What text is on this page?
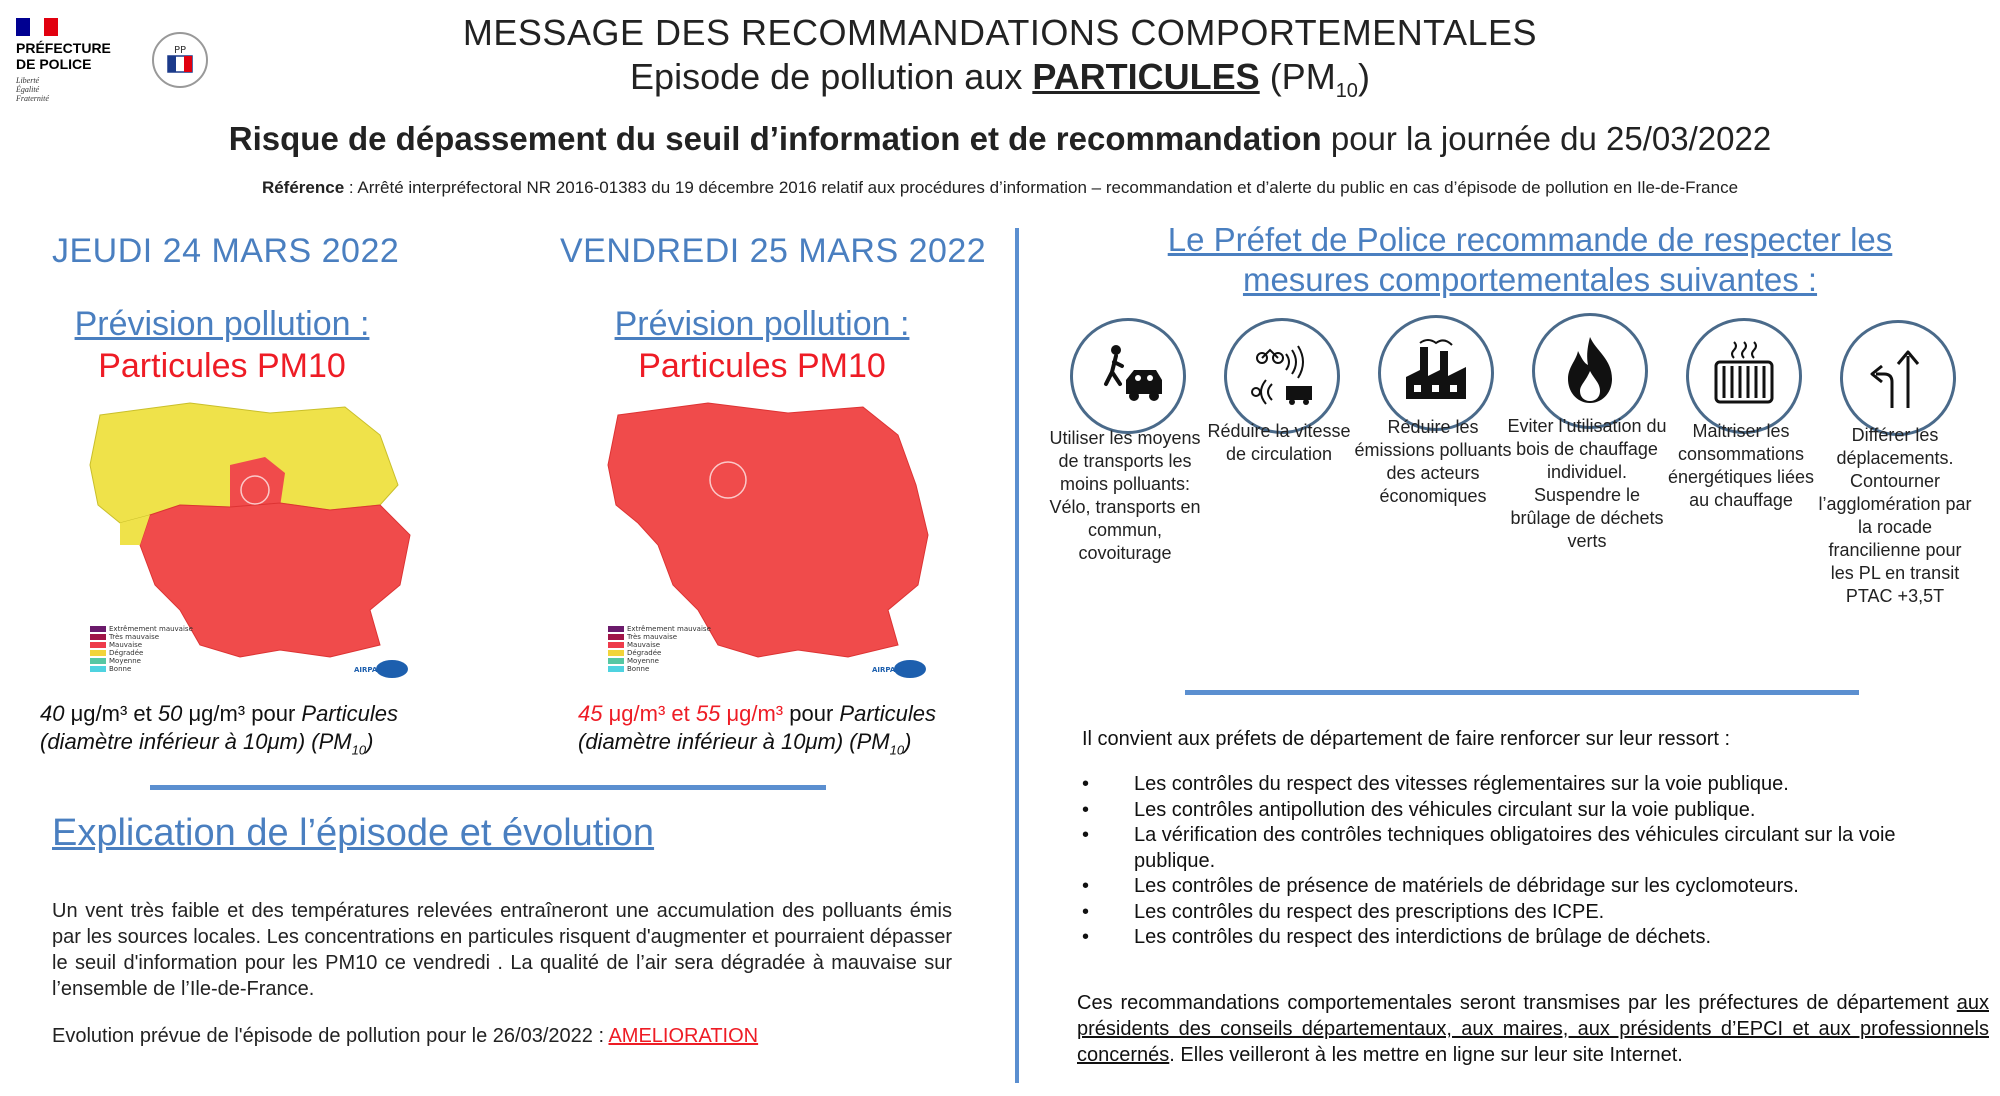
PRÉFECTURE
DE POLICE
Liberté
Égalité
Fraternité
PP	MESSAGE DES RECOMMANDATIONS COMPORTEMENTALES
Episode de pollution aux PARTICULES $(PM_{10})$
Risque de dépassement du seuil d’information et de recommandation pour la journée du 25/03/2022
Référence : Arrêté interpréfectoral NR 2016-01383 du 19 décembre 2016 relatif aux procédures d’information – recommandation et d’alerte du public en cas d’épisode de pollution en Ile-de-France
JEUDI 24 MARS 2022
Prévision pollution :
Particules PM10
Extrêmement mauvaise
Très mauvaise
Mauvaise
Dégradée
Moyenne
Bonne	AIRPARIF
40 μg/m³ et 50 μg/m³ pour Particules
(diamètre inférieur à 10μm) $(PM_{10})$
VENDREDI 25 MARS 2022
Prévision pollution :
Particules PM10
Extrêmement mauvaise
Très mauvaise
Mauvaise
Dégradée
Moyenne
Bonne	AIRPARIF
45 μg/m³ et 55 μg/m³ pour Particules
(diamètre inférieur à 10μm) $(PM_{10})$
Explication de l’épisode et évolution
Un vent très faible et des températures relevées entraîneront une accumulation des polluants émis par les sources locales. Les concentrations en particules risquent d'augmenter et pourraient dépasser le seuil d'information pour les PM10 ce vendredi . La qualité de l’air sera dégradée à mauvaise sur l’ensemble de l’Ile-de-France.
Evolution prévue de l'épisode de pollution pour le 26/03/2022 : AMELIORATION
Le Préfet de Police recommande de respecter les
mesures comportementales suivantes :
Utiliser les moyens de transports les moins polluants: Vélo, transports en commun, covoiturage
Réduire la vitesse de circulation
Réduire les émissions polluants des acteurs économiques
Eviter l’utilisation du bois de chauffage individuel. Suspendre le brûlage de déchets verts
Maitriser les consommations énergétiques liées au chauffage
Différer les déplacements. Contourner l’agglomération par la rocade francilienne pour les PL en transit PTAC +3,5T
Il convient aux préfets de département de faire renforcer sur leur ressort :
• Les contrôles du respect des vitesses réglementaires sur la voie publique.
• Les contrôles antipollution des véhicules circulant sur la voie publique.
• La vérification des contrôles techniques obligatoires des véhicules circulant sur la voie publique.
• Les contrôles de présence de matériels de débridage sur les cyclomoteurs.
• Les contrôles du respect des prescriptions des ICPE.
• Les contrôles du respect des interdictions de brûlage de déchets.
Ces recommandations comportementales seront transmises par les préfectures de département aux présidents des conseils départementaux, aux maires, aux présidents d’EPCI et aux professionnels concernés. Elles veilleront à les mettre en ligne sur leur site Internet.
